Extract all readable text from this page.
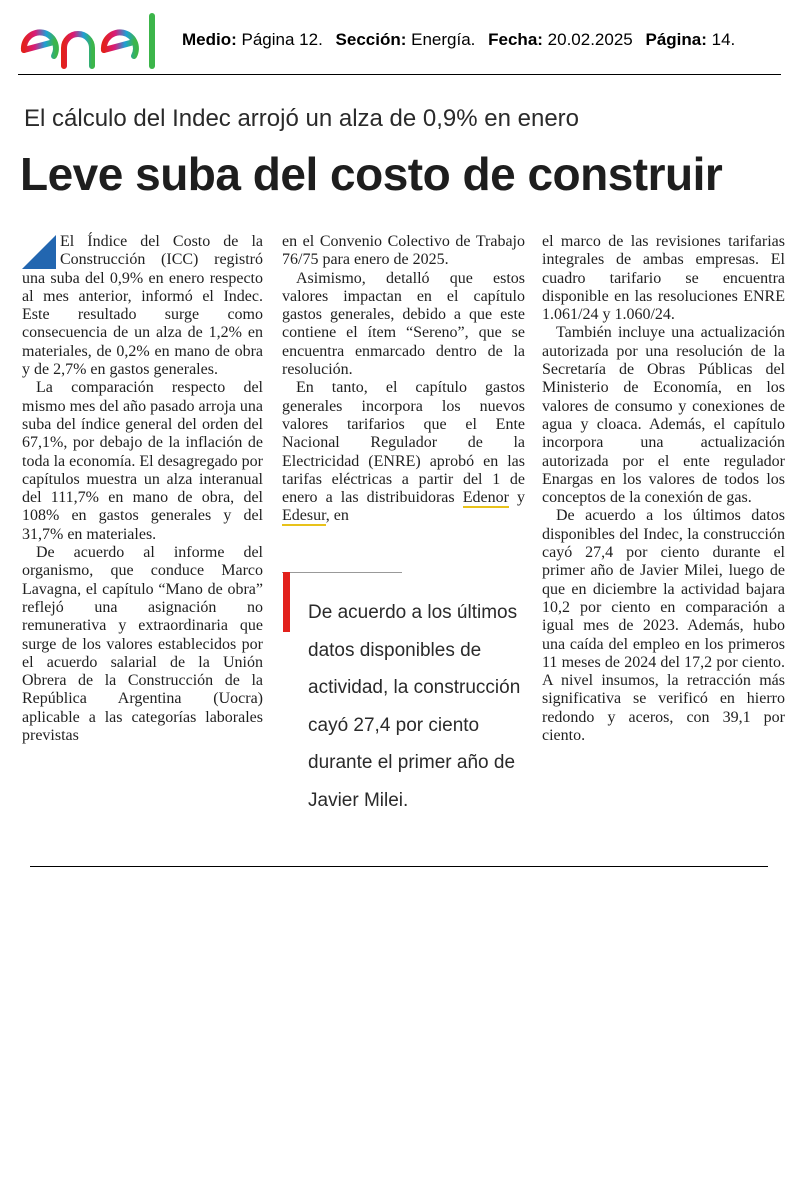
Medio: Página 12. Sección: Energía. Fecha: 20.02.2025 Página: 14.
El cálculo del Indec arrojó un alza de 0,9% en enero
Leve suba del costo de construir

El Índice del Costo de la Construcción (ICC) registró una suba del 0,9% en enero respecto al mes anterior, informó el Indec. Este resultado surge como consecuencia de un alza de 1,2% en materiales, de 0,2% en mano de obra y de 2,7% en gastos generales.

La comparación respecto del mismo mes del año pasado arroja una suba del índice general del orden del 67,1%, por debajo de la inflación de toda la economía. El desagregado por capítulos muestra un alza interanual del 111,7% en mano de obra, del 108% en gastos generales y del 31,7% en materiales.

De acuerdo al informe del organismo, que conduce Marco Lavagna, el capítulo “Mano de obra” reflejó una asignación no remunerativa y extraordinaria que surge de los valores establecidos por el acuerdo salarial de la Unión Obrera de la Construcción de la República Argentina (Uocra) aplicable a las categorías laborales previstas

en el Convenio Colectivo de Trabajo 76/75 para enero de 2025.

Asimismo, detalló que estos valores impactan en el capítulo gastos generales, debido a que este contiene el ítem “Sereno”, que se encuentra enmarcado dentro de la resolución.

En tanto, el capítulo gastos generales incorpora los nuevos valores tarifarios que el Ente Nacional Regulador de la Electricidad (ENRE) aprobó en las tarifas eléctricas a partir del 1 de enero a las distribuidoras Edenor y Edesur, en

De acuerdo a los últimos datos disponibles de actividad, la construcción cayó 27,4 por ciento durante el primer año de Javier Milei.

el marco de las revisiones tarifarias integrales de ambas empresas. El cuadro tarifario se encuentra disponible en las resoluciones ENRE 1.061/24 y 1.060/24.

También incluye una actualización autorizada por una resolución de la Secretaría de Obras Públicas del Ministerio de Economía, en los valores de consumo y conexiones de agua y cloaca. Además, el capítulo incorpora una actualización autorizada por el ente regulador Enargas en los valores de todos los conceptos de la conexión de gas.

De acuerdo a los últimos datos disponibles del Indec, la construcción cayó 27,4 por ciento durante el primer año de Javier Milei, luego de que en diciembre la actividad bajara 10,2 por ciento en comparación a igual mes de 2023. Además, hubo una caída del empleo en los primeros 11 meses de 2024 del 17,2 por ciento. A nivel insumos, la retracción más significativa se verificó en hierro redondo y aceros, con 39,1 por ciento.
